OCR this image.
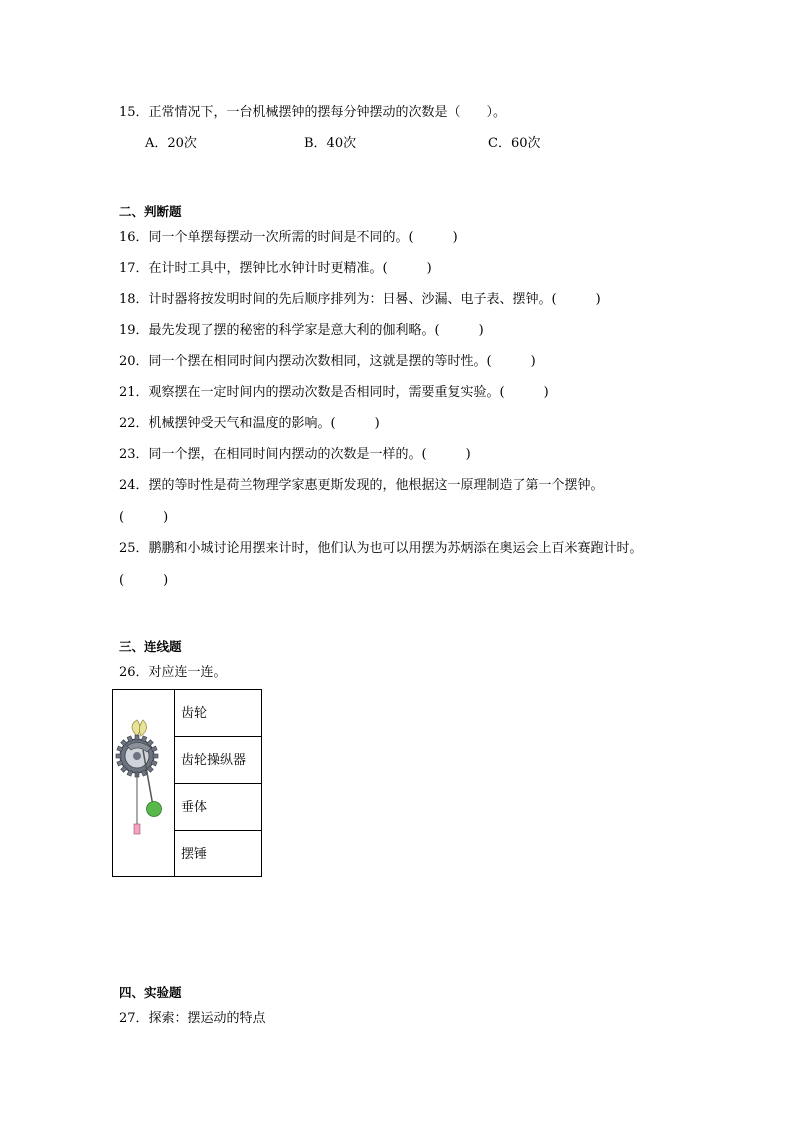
15．正常情况下，一台机械摆钟的摆每分钟摆动的次数是（　　）。
A．20次	B．40次	C．60次
二、判断题
16．同一个单摆每摆动一次所需的时间是不同的。(　　　)
17．在计时工具中，摆钟比水钟计时更精准。(　　　)
18．计时器将按发明时间的先后顺序排列为：日晷、沙漏、电子表、摆钟。(　　　)
19．最先发现了摆的秘密的科学家是意大利的伽利略。(　　　)
20．同一个摆在相同时间内摆动次数相同，这就是摆的等时性。(　　　)
21．观察摆在一定时间内的摆动次数是否相同时，需要重复实验。(　　　)
22．机械摆钟受天气和温度的影响。(　　　)
23．同一个摆，在相同时间内摆动的次数是一样的。(　　　)
24．摆的等时性是荷兰物理学家惠更斯发现的，他根据这一原理制造了第一个摆钟。
(　　　)
25．鹏鹏和小城讨论用摆来计时，他们认为也可以用摆为苏炳添在奥运会上百米赛跑计时。
(　　　)
三、连线题
26．对应连一连。
齿轮
齿轮操纵器
垂体
摆锤
四、实验题
27．探索：摆运动的特点
